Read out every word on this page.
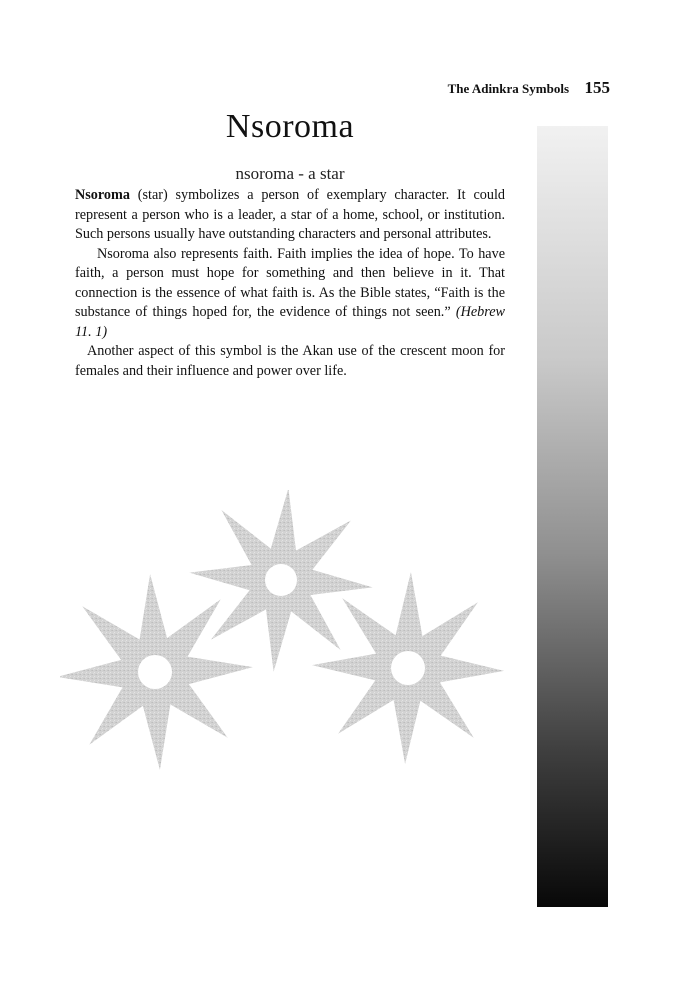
The Adinkra Symbols 155
Nsoroma
nsoroma - a star

Nsoroma (star) symbolizes a person of exemplary character. It could represent a person who is a leader, a star of a home, school, or institution. Such persons usually have outstanding characters and personal attributes.

Nsoroma also represents faith. Faith implies the idea of hope. To have faith, a person must hope for something and then believe in it. That connection is the essence of what faith is. As the Bible states, “Faith is the substance of things hoped for, the evidence of things not seen.” (Hebrew 11. 1)

Another aspect of this symbol is the Akan use of the crescent moon for females and their influence and power over life.
